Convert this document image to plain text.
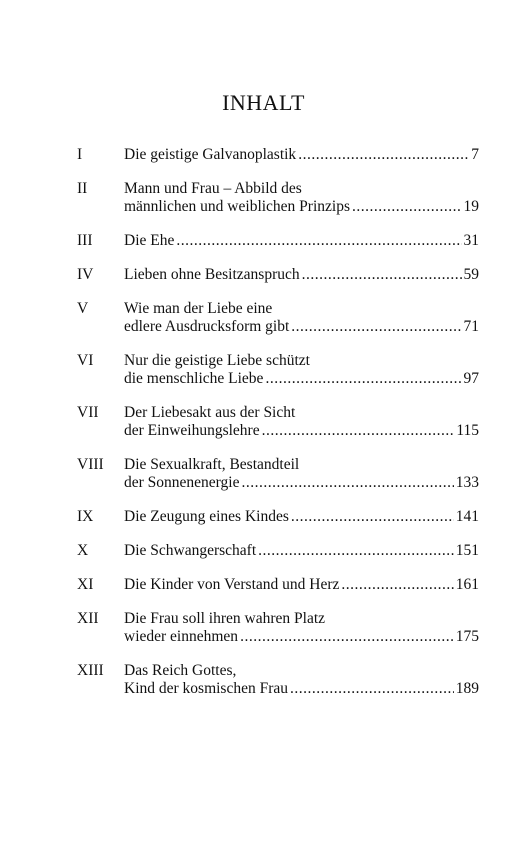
INHALT
I	Die geistige Galvanoplastik .....	7
II	Mann und Frau – Abbild des
männlichen und weiblichen Prinzips .....	19
III	Die Ehe .....	31
IV	Lieben ohne Besitzanspruch .....	59
V	Wie man der Liebe eine
edlere Ausdrucksform gibt .....	71
VI	Nur die geistige Liebe schützt
die menschliche Liebe .....	97
VII	Der Liebesakt aus der Sicht
der Einweihungslehre .....	115
VIII	Die Sexualkraft, Bestandteil
der Sonnenenergie .....	133
IX	Die Zeugung eines Kindes .....	141
X	Die Schwangerschaft .....	151
XI	Die Kinder von Verstand und Herz .....	161
XII	Die Frau soll ihren wahren Platz
wieder einnehmen .....	175
XIII	Das Reich Gottes,
Kind der kosmischen Frau .....	189
